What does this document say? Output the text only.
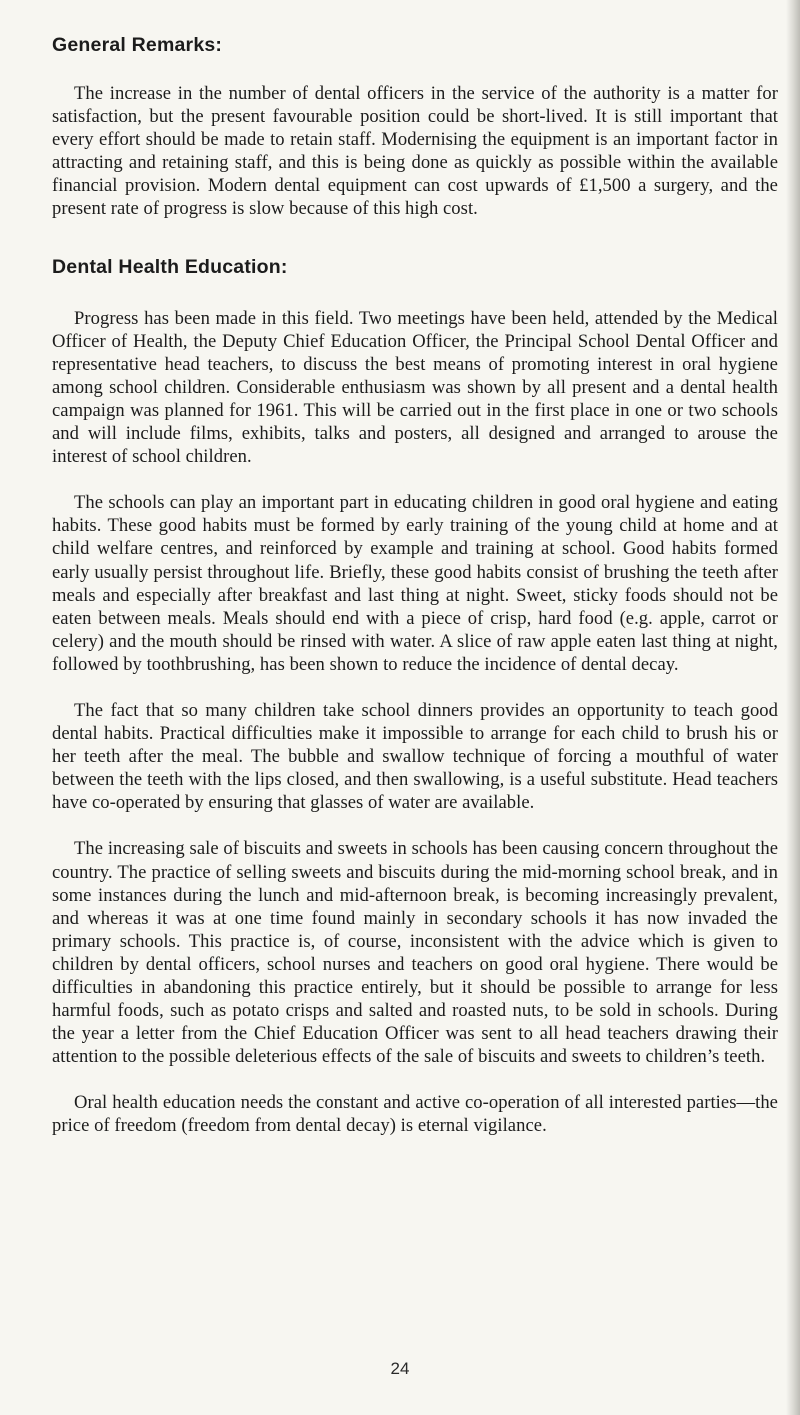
General Remarks:

The increase in the number of dental officers in the service of the authority is a matter for satisfaction, but the present favourable position could be short-lived. It is still important that every effort should be made to retain staff. Modernising the equipment is an important factor in attracting and retaining staff, and this is being done as quickly as possible within the available financial provision. Modern dental equipment can cost upwards of £1,500 a surgery, and the present rate of progress is slow because of this high cost.

Dental Health Education:

Progress has been made in this field. Two meetings have been held, attended by the Medical Officer of Health, the Deputy Chief Education Officer, the Principal School Dental Officer and representative head teachers, to discuss the best means of promoting interest in oral hygiene among school children. Considerable enthusiasm was shown by all present and a dental health campaign was planned for 1961. This will be carried out in the first place in one or two schools and will include films, exhibits, talks and posters, all designed and arranged to arouse the interest of school children.

The schools can play an important part in educating children in good oral hygiene and eating habits. These good habits must be formed by early training of the young child at home and at child welfare centres, and reinforced by example and training at school. Good habits formed early usually persist throughout life. Briefly, these good habits consist of brushing the teeth after meals and especially after breakfast and last thing at night. Sweet, sticky foods should not be eaten between meals. Meals should end with a piece of crisp, hard food (e.g. apple, carrot or celery) and the mouth should be rinsed with water. A slice of raw apple eaten last thing at night, followed by toothbrushing, has been shown to reduce the incidence of dental decay.

The fact that so many children take school dinners provides an opportunity to teach good dental habits. Practical difficulties make it impossible to arrange for each child to brush his or her teeth after the meal. The bubble and swallow technique of forcing a mouthful of water between the teeth with the lips closed, and then swallowing, is a useful substitute. Head teachers have co-operated by ensuring that glasses of water are available.

The increasing sale of biscuits and sweets in schools has been causing concern throughout the country. The practice of selling sweets and biscuits during the mid-morning school break, and in some instances during the lunch and mid-afternoon break, is becoming increasingly prevalent, and whereas it was at one time found mainly in secondary schools it has now invaded the primary schools. This practice is, of course, inconsistent with the advice which is given to children by dental officers, school nurses and teachers on good oral hygiene. There would be difficulties in abandoning this practice entirely, but it should be possible to arrange for less harmful foods, such as potato crisps and salted and roasted nuts, to be sold in schools. During the year a letter from the Chief Education Officer was sent to all head teachers drawing their attention to the possible deleterious effects of the sale of biscuits and sweets to children’s teeth.

Oral health education needs the constant and active co-operation of all interested parties—the price of freedom (freedom from dental decay) is eternal vigilance.

24
